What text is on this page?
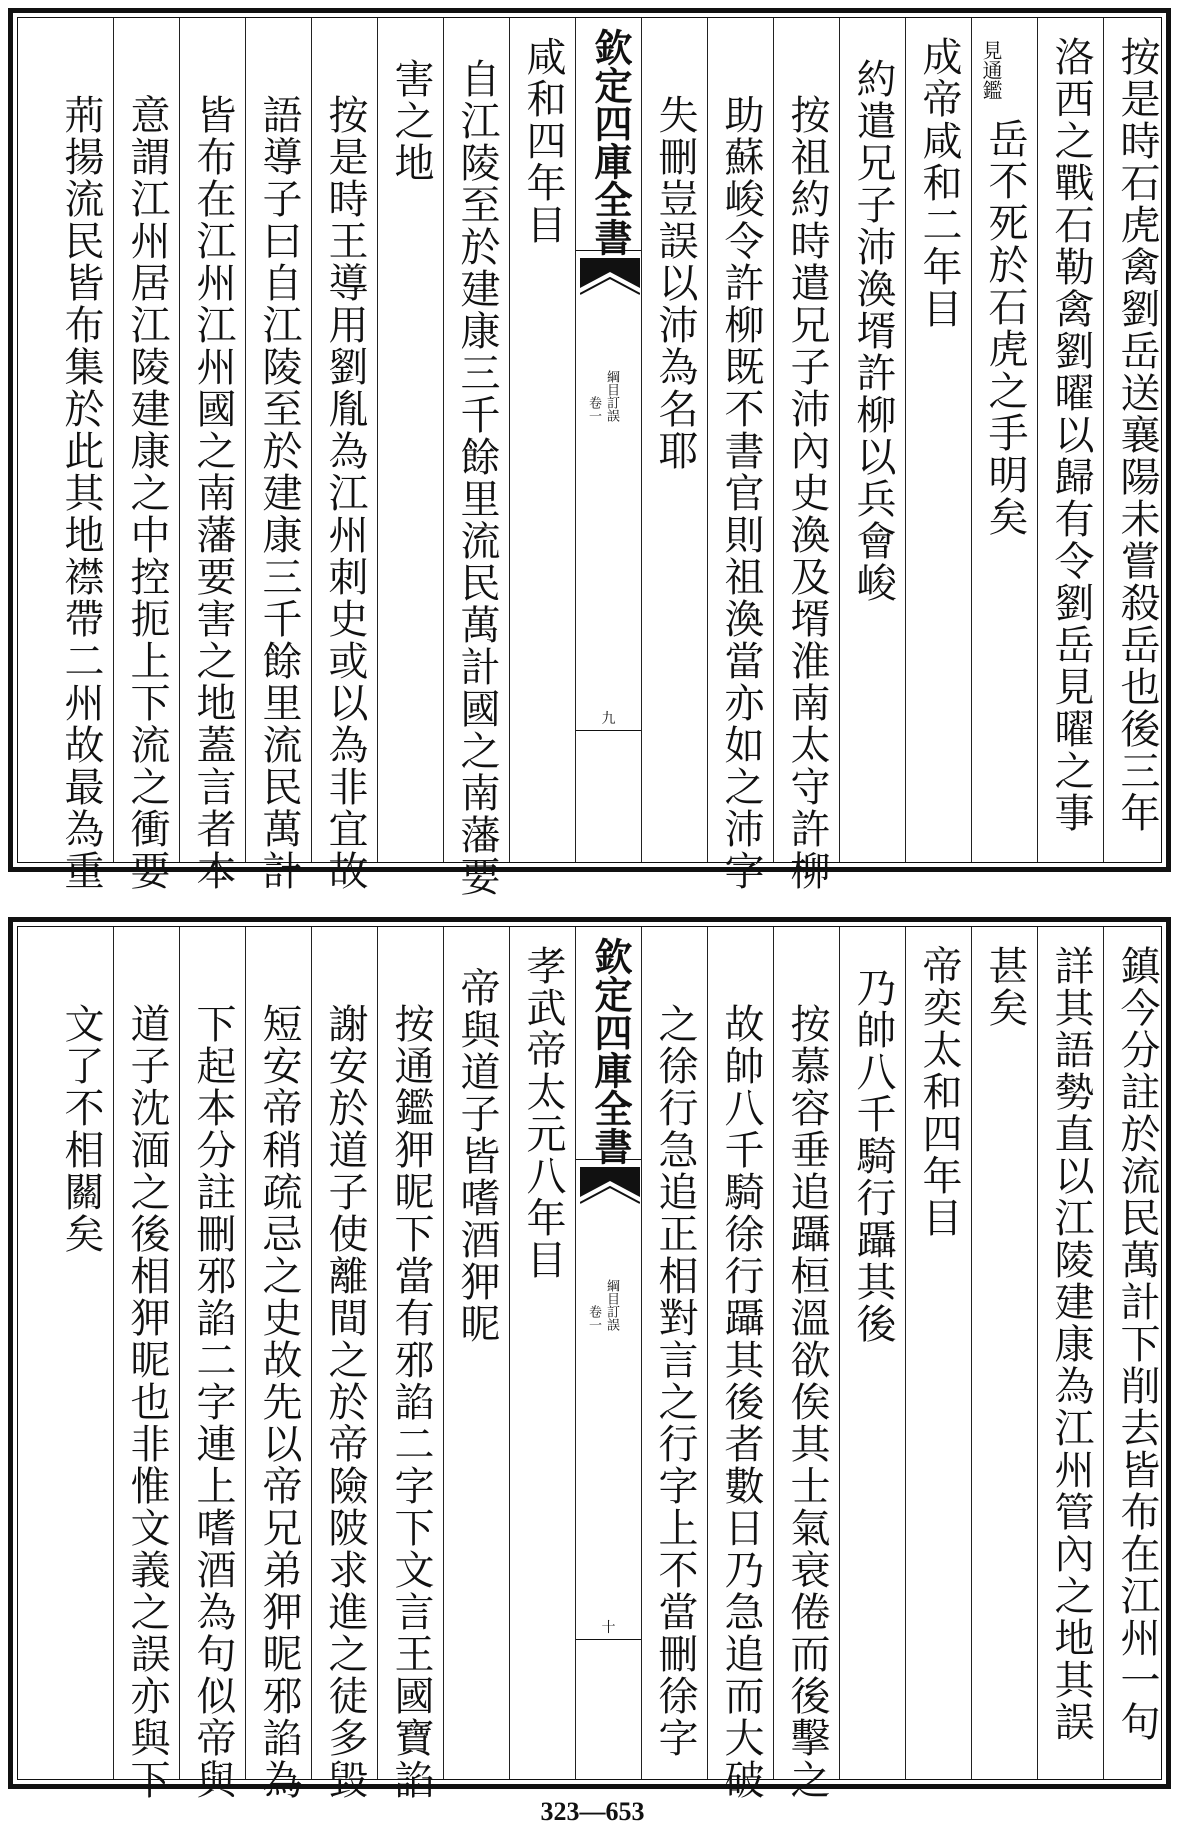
按是時石虎禽劉岳送襄陽未嘗殺岳也後三年
洛西之戰石勒禽劉曜以歸有令劉岳見曜之事
見通鑑
岳不死於石虎之手明矣
成帝咸和二年目
約遣兄子沛渙壻許柳以兵會峻
按祖約時遣兄子沛內史渙及壻淮南太守許柳
助蘇峻令許柳既不書官則祖渙當亦如之沛字
失刪豈誤以沛為名耶
欽定四庫全書
綱目訂誤
卷一
九
咸和四年目
自江陵至於建康三千餘里流民萬計國之南藩要
害之地
按是時王導用劉胤為江州刺史或以為非宜故
語導子曰自江陵至於建康三千餘里流民萬計
皆布在江州江州國之南藩要害之地蓋言者本
意謂江州居江陵建康之中控扼上下流之衝要
荊揚流民皆布集於此其地襟帶二州故最為重
鎮今分註於流民萬計下削去皆布在江州一句
詳其語勢直以江陵建康為江州管內之地其誤
甚矣
帝奕太和四年目
乃帥八千騎行躡其後
按慕容垂追躡桓溫欲俟其士氣衰倦而後擊之
故帥八千騎徐行躡其後者數日乃急追而大破
之徐行急追正相對言之行字上不當刪徐字
欽定四庫全書
綱目訂誤
卷一
十
孝武帝太元八年目
帝與道子皆嗜酒狎昵
按通鑑狎昵下當有邪諂二字下文言王國寶諂
謝安於道子使離間之於帝險陂求進之徒多毀
短安帝稍疏忌之史故先以帝兄弟狎昵邪諂為
下起本分註刪邪諂二字連上嗜酒為句似帝與
道子沈湎之後相狎昵也非惟文義之誤亦與下
文了不相關矣
323—653
